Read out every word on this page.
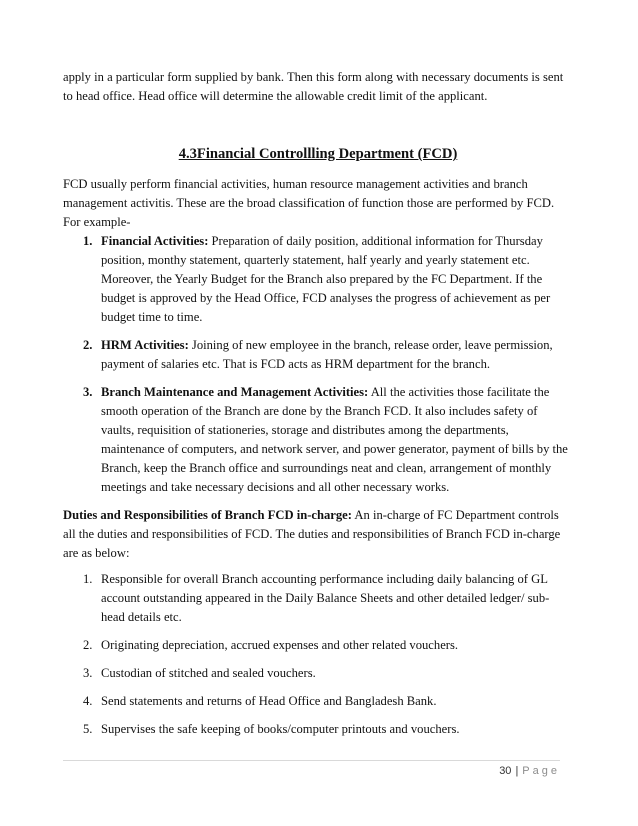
apply in a particular form supplied by bank. Then this form along with necessary documents is sent to head office. Head office will determine the allowable credit limit of the applicant.
4.3Financial Controllling Department (FCD)
FCD usually perform financial activities, human resource management activities and branch management activitis. These are the broad classification of function those are performed by FCD. For example-
1. Financial Activities: Preparation of daily position, additional information for Thursday position, monthy statement, quarterly statement, half yearly and yearly statement etc. Moreover, the Yearly Budget for the Branch also prepared by the FC Department. If the budget is approved by the Head Office, FCD analyses the progress of achievement as per budget time to time.
2. HRM Activities: Joining of new employee in the branch, release order, leave permission, payment of salaries etc. That is FCD acts as HRM department for the branch.
3. Branch Maintenance and Management Activities: All the activities those facilitate the smooth operation of the Branch are done by the Branch FCD. It also includes safety of vaults, requisition of stationeries, storage and distributes among the departments, maintenance of computers, and network server, and power generator, payment of bills by the Branch, keep the Branch office and surroundings neat and clean, arrangement of monthly meetings and take necessary decisions and all other necessary works.
Duties and Responsibilities of Branch FCD in-charge: An in-charge of FC Department controls all the duties and responsibilities of FCD. The duties and responsibilities of Branch FCD in-charge are as below:
1. Responsible for overall Branch accounting performance including daily balancing of GL account outstanding appeared in the Daily Balance Sheets and other detailed ledger/ sub-head details etc.
2. Originating depreciation, accrued expenses and other related vouchers.
3. Custodian of stitched and sealed vouchers.
4. Send statements and returns of Head Office and Bangladesh Bank.
5. Supervises the safe keeping of books/computer printouts and vouchers.
30 | Page
